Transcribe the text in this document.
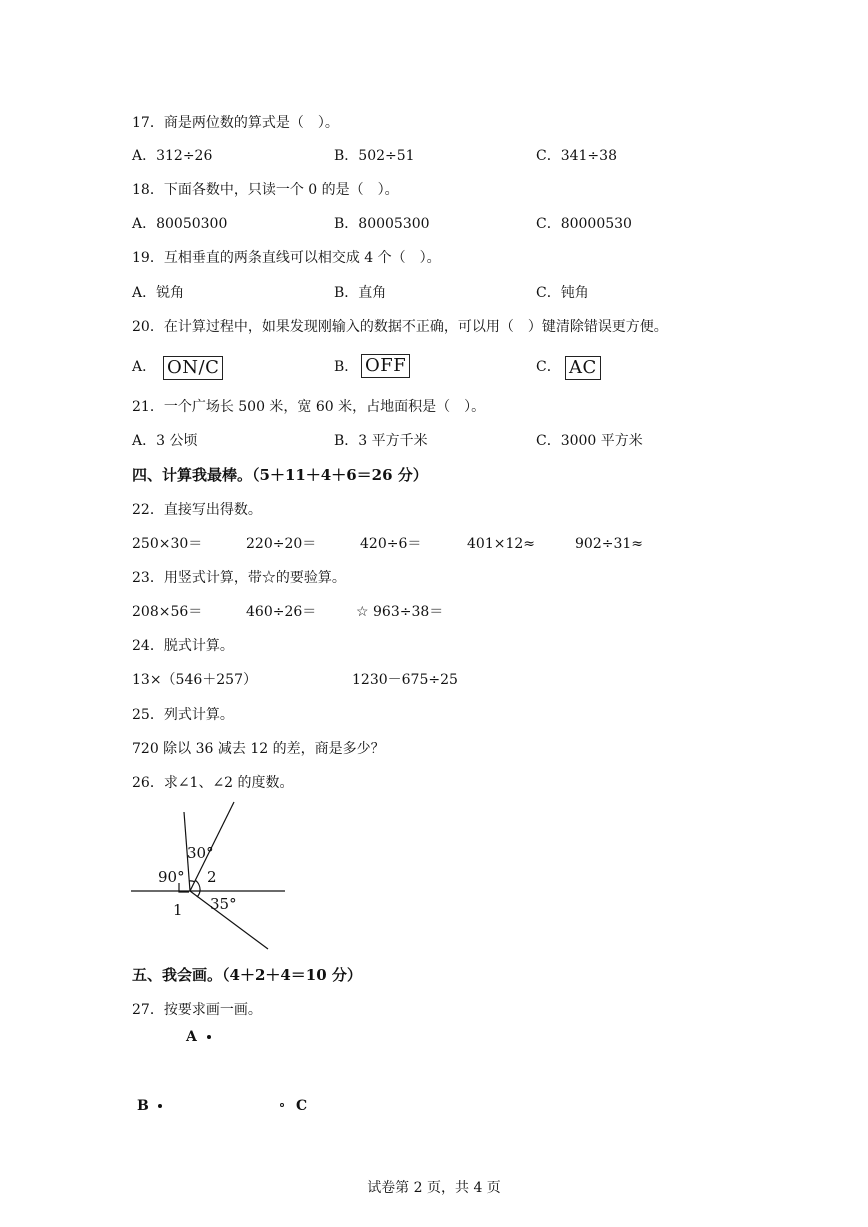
17．商是两位数的算式是（　）。
A．312÷26	B．502÷51	C．341÷38
18．下面各数中，只读一个 0 的是（　）。
A．80050300	B．80005300	C．80000530
19．互相垂直的两条直线可以相交成 4 个（　）。
A．锐角	B．直角	C．钝角
20．在计算过程中，如果发现刚输入的数据不正确，可以用（　）键清除错误更方便。
A． ON/C	B． OFF	C． AC
21．一个广场长 500 米，宽 60 米，占地面积是（　）。
A．3 公顷	B．3 平方千米	C．3000 平方米
四、计算我最棒。（5＋11＋4＋6＝26 分）
22．直接写出得数。
250×30＝	220÷20＝	420÷6＝	401×12≈	902÷31≈
23．用竖式计算，带☆的要验算。
208×56＝	460÷26＝	☆ 963÷38＝
24．脱式计算。
13×（546＋257）	1230－675÷25
25．列式计算。
720 除以 36 减去 12 的差，商是多少？
26．求∠1、∠2 的度数。
30°
90° 2
1 35°
五、我会画。（4＋2＋4＝10 分）
27．按要求画一画。
A
B	C
试卷第 2 页，共 4 页
